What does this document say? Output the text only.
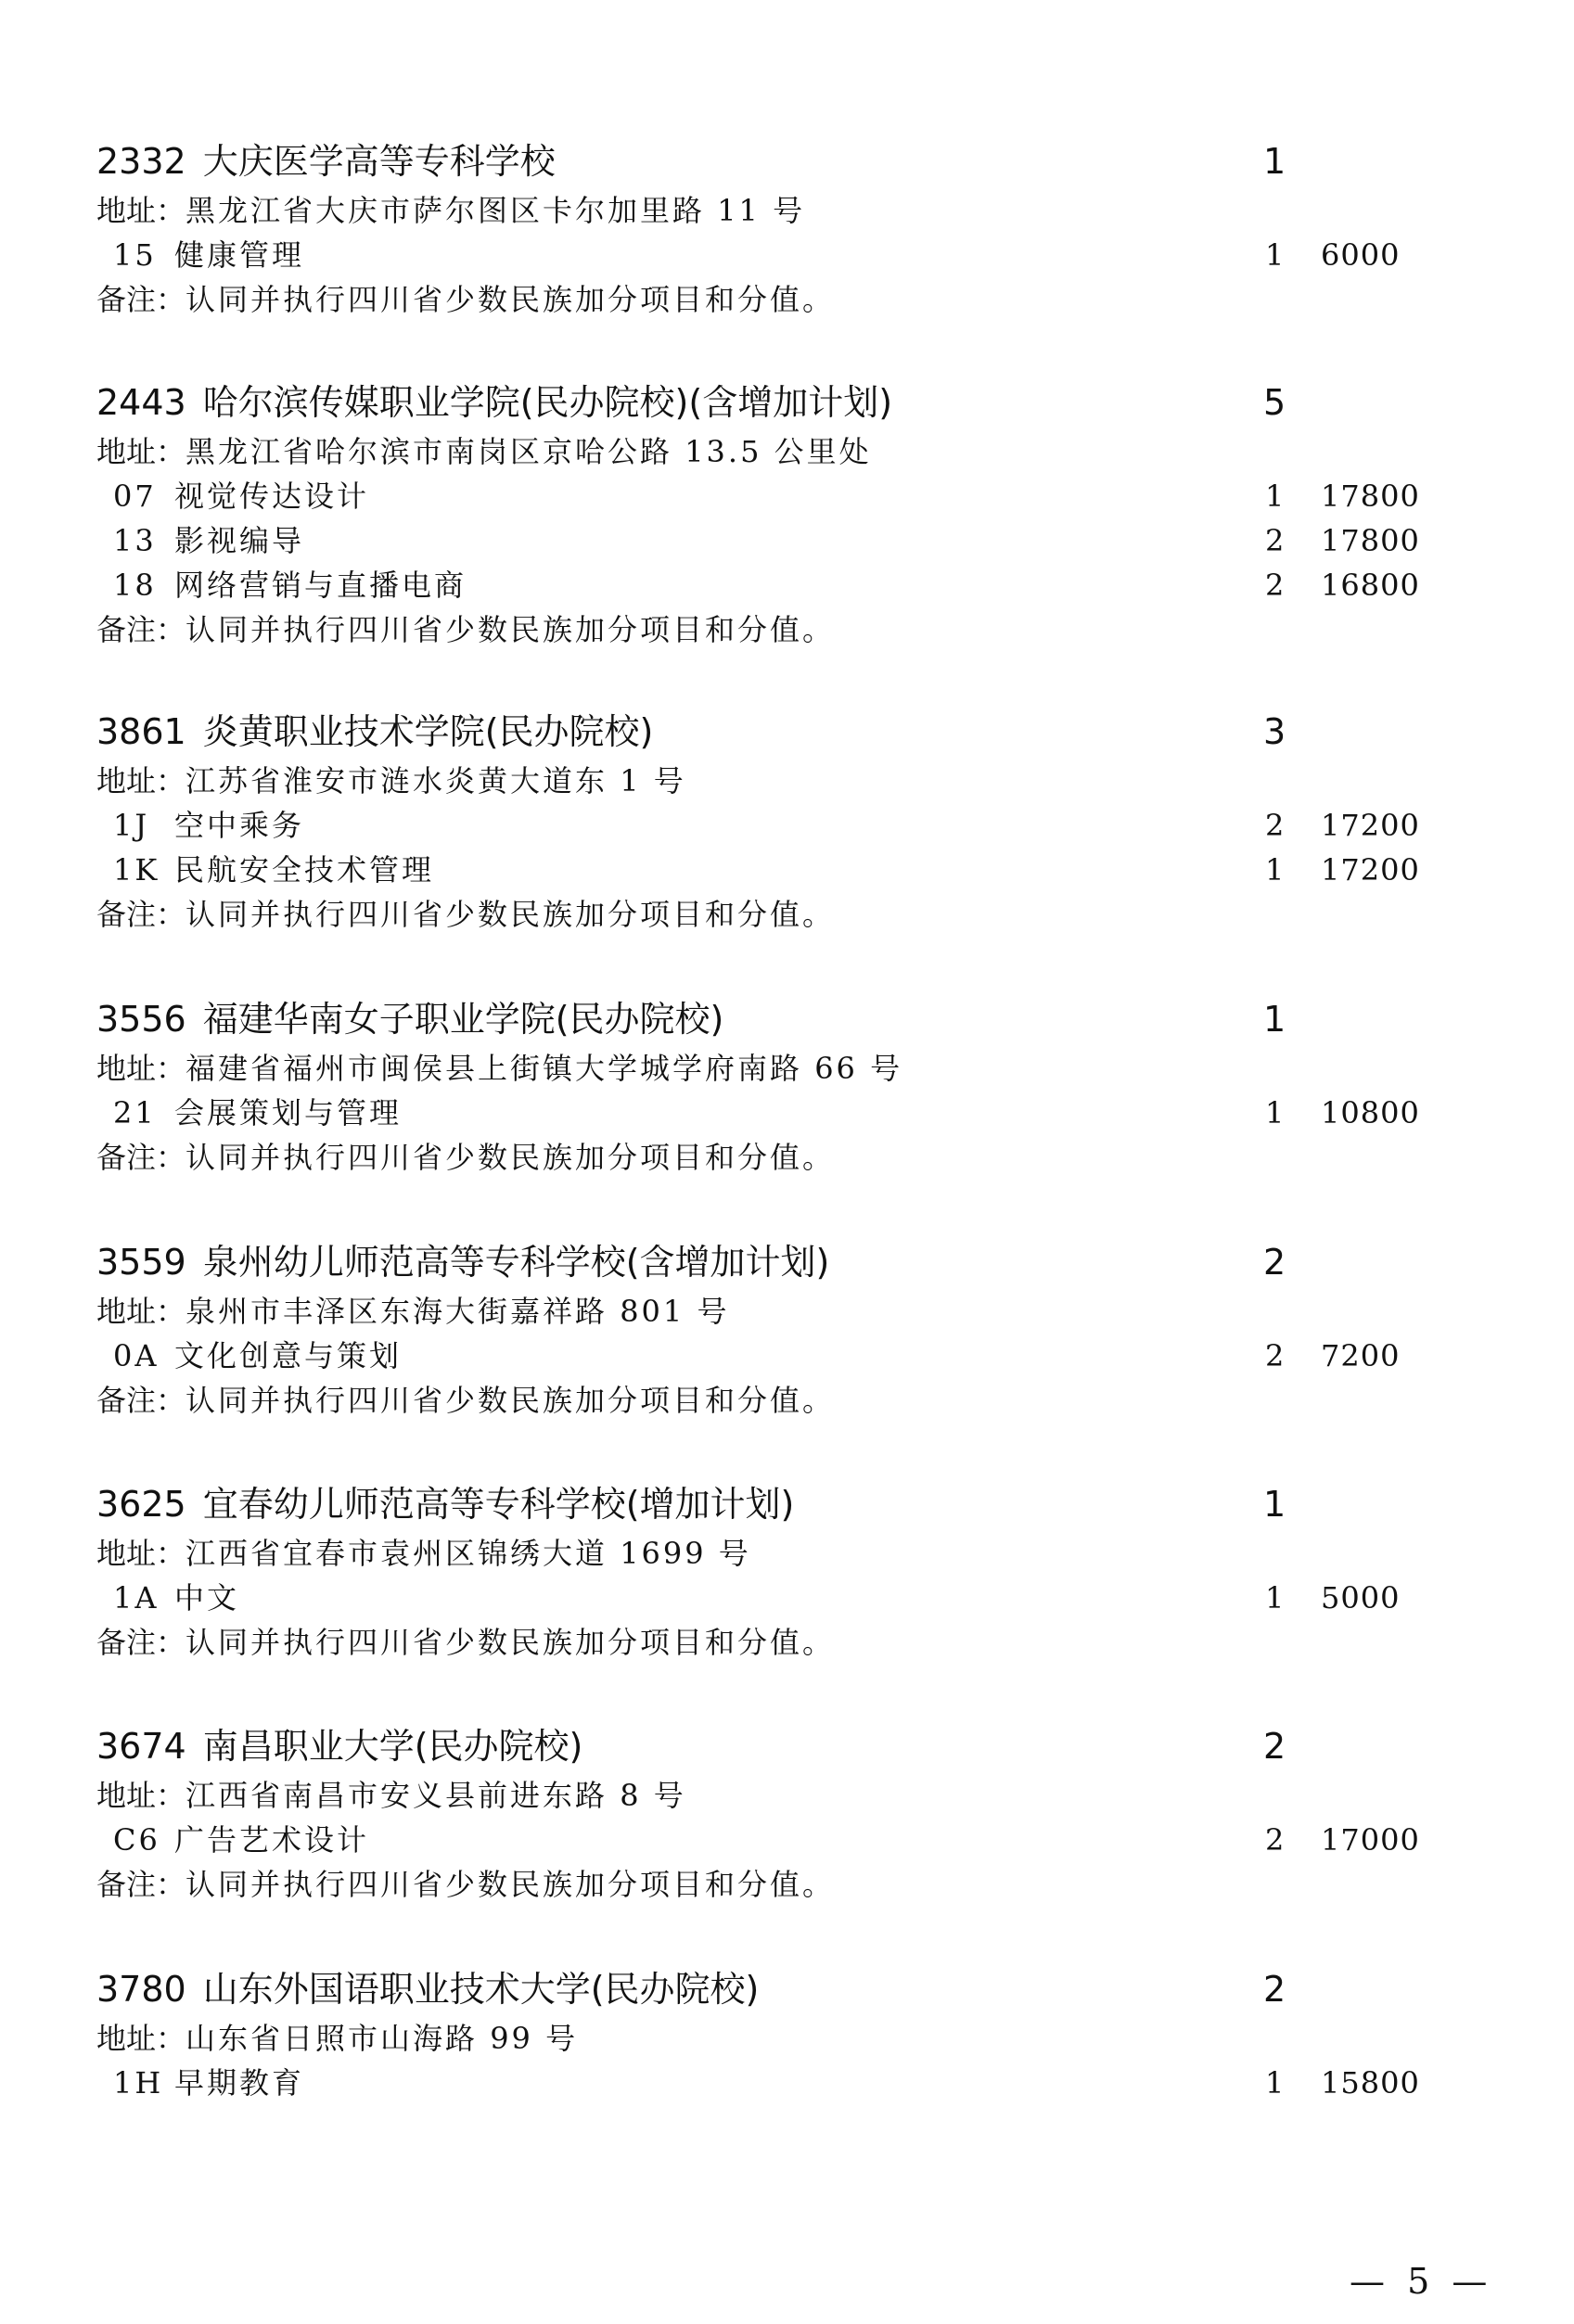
2332 大庆医学高等专科学校	1
地址：黑龙江省大庆市萨尔图区卡尔加里路 11 号
15 健康管理	1 6000
备注：认同并执行四川省少数民族加分项目和分值。
2443 哈尔滨传媒职业学院(民办院校)(含增加计划)	5
地址：黑龙江省哈尔滨市南岗区京哈公路 13.5 公里处
07 视觉传达设计	1 17800
13 影视编导	2 17800
18 网络营销与直播电商	2 16800
备注：认同并执行四川省少数民族加分项目和分值。
3861 炎黄职业技术学院(民办院校)	3
地址：江苏省淮安市涟水炎黄大道东 1 号
1J 空中乘务	2 17200
1K 民航安全技术管理	1 17200
备注：认同并执行四川省少数民族加分项目和分值。
3556 福建华南女子职业学院(民办院校)	1
地址：福建省福州市闽侯县上街镇大学城学府南路 66 号
21 会展策划与管理	1 10800
备注：认同并执行四川省少数民族加分项目和分值。
3559 泉州幼儿师范高等专科学校(含增加计划)	2
地址：泉州市丰泽区东海大街嘉祥路 801 号
0A 文化创意与策划	2 7200
备注：认同并执行四川省少数民族加分项目和分值。
3625 宜春幼儿师范高等专科学校(增加计划)	1
地址：江西省宜春市袁州区锦绣大道 1699 号
1A 中文	1 5000
备注：认同并执行四川省少数民族加分项目和分值。
3674 南昌职业大学(民办院校)	2
地址：江西省南昌市安义县前进东路 8 号
C6 广告艺术设计	2 17000
备注：认同并执行四川省少数民族加分项目和分值。
3780 山东外国语职业技术大学(民办院校)	2
地址：山东省日照市山海路 99 号
1H 早期教育	1 15800
— 5 —
